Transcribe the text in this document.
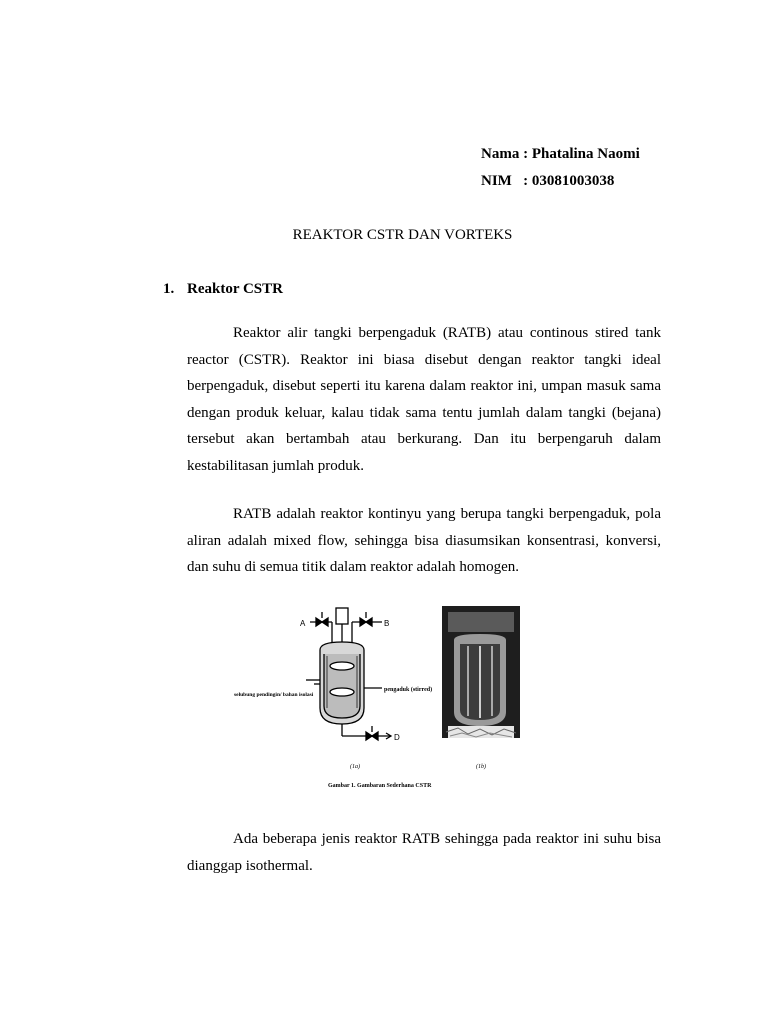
Nama : Phatalina Naomi
NIM   : 03081003038
REAKTOR CSTR DAN VORTEKS
1. Reaktor CSTR

Reaktor alir tangki berpengaduk (RATB) atau continous stired tank reactor (CSTR). Reaktor ini biasa disebut dengan reaktor tangki ideal berpengaduk, disebut seperti itu karena dalam reaktor ini, umpan masuk sama dengan produk keluar, kalau tidak sama tentu jumlah dalam tangki (bejana) tersebut akan bertambah atau berkurang. Dan itu berpengaruh dalam kestabilitasan jumlah produk.

RATB adalah reaktor kontinyu yang berupa tangki berpengaduk, pola aliran adalah mixed flow, sehingga bisa diasumsikan konsentrasi, konversi, dan suhu di semua titik dalam reaktor adalah homogen.

A	B
D
pengaduk (stirred)
selubung pendingin/ bahan isolasi
(1a)	(1b)
Gambar 1. Gambaran Sederhana CSTR

Ada beberapa jenis reaktor RATB sehingga pada reaktor ini suhu bisa dianggap isothermal.
